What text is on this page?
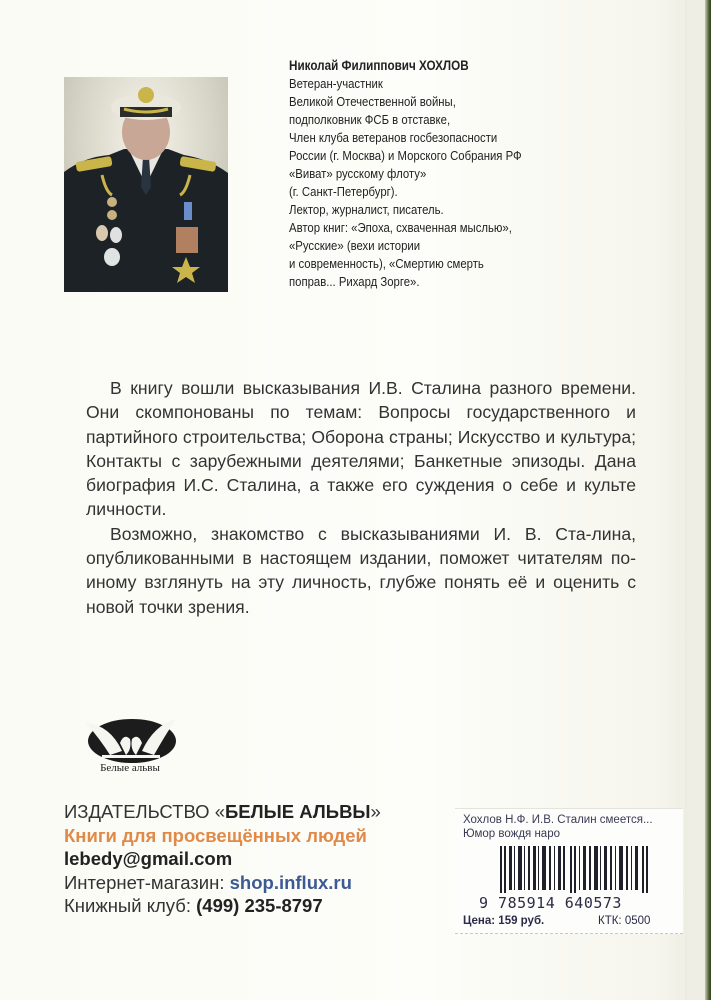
Николай Филиппович ХОХЛОВ
Ветеран-участник
Великой Отечественной войны,
подполковник ФСБ в отставке,
Член клуба ветеранов госбезопасности
России (г. Москва) и Морского Собрания РФ
«Виват» русскому флоту»
(г. Санкт-Петербург).
Лектор, журналист, писатель.
Автор книг: «Эпоха, схваченная мыслью»,
«Русские» (вехи истории
и современность), «Смертию смерть
поправ... Рихард Зорге».

В книгу вошли высказывания И.В. Сталина разного времени. Они скомпонованы по темам: Вопросы государственного и партийного строительства; Оборона страны; Искусство и культура; Контакты с зарубежными деятелями; Банкетные эпизоды. Дана биография И.С. Сталина, а также его суждения о себе и культе личности.

Возможно, знакомство с высказываниями И. В. Ста-лина, опубликованными в настоящем издании, поможет читателям по-иному взглянуть на эту личность, глубже понять её и оценить с новой точки зрения.

Белые альвы
ИЗДАТЕЛЬСТВО «БЕЛЫЕ АЛЬВЫ»
Книги для просвещённых людей
lebedy@gmail.com
Интернет-магазин: shop.influx.ru
Книжный клуб: (499) 235-8797
Хохлов Н.Ф. И.В. Сталин смеется... Юмор вождя наро
9 785914 640573
Цена: 159 руб.	КТК: 0500
